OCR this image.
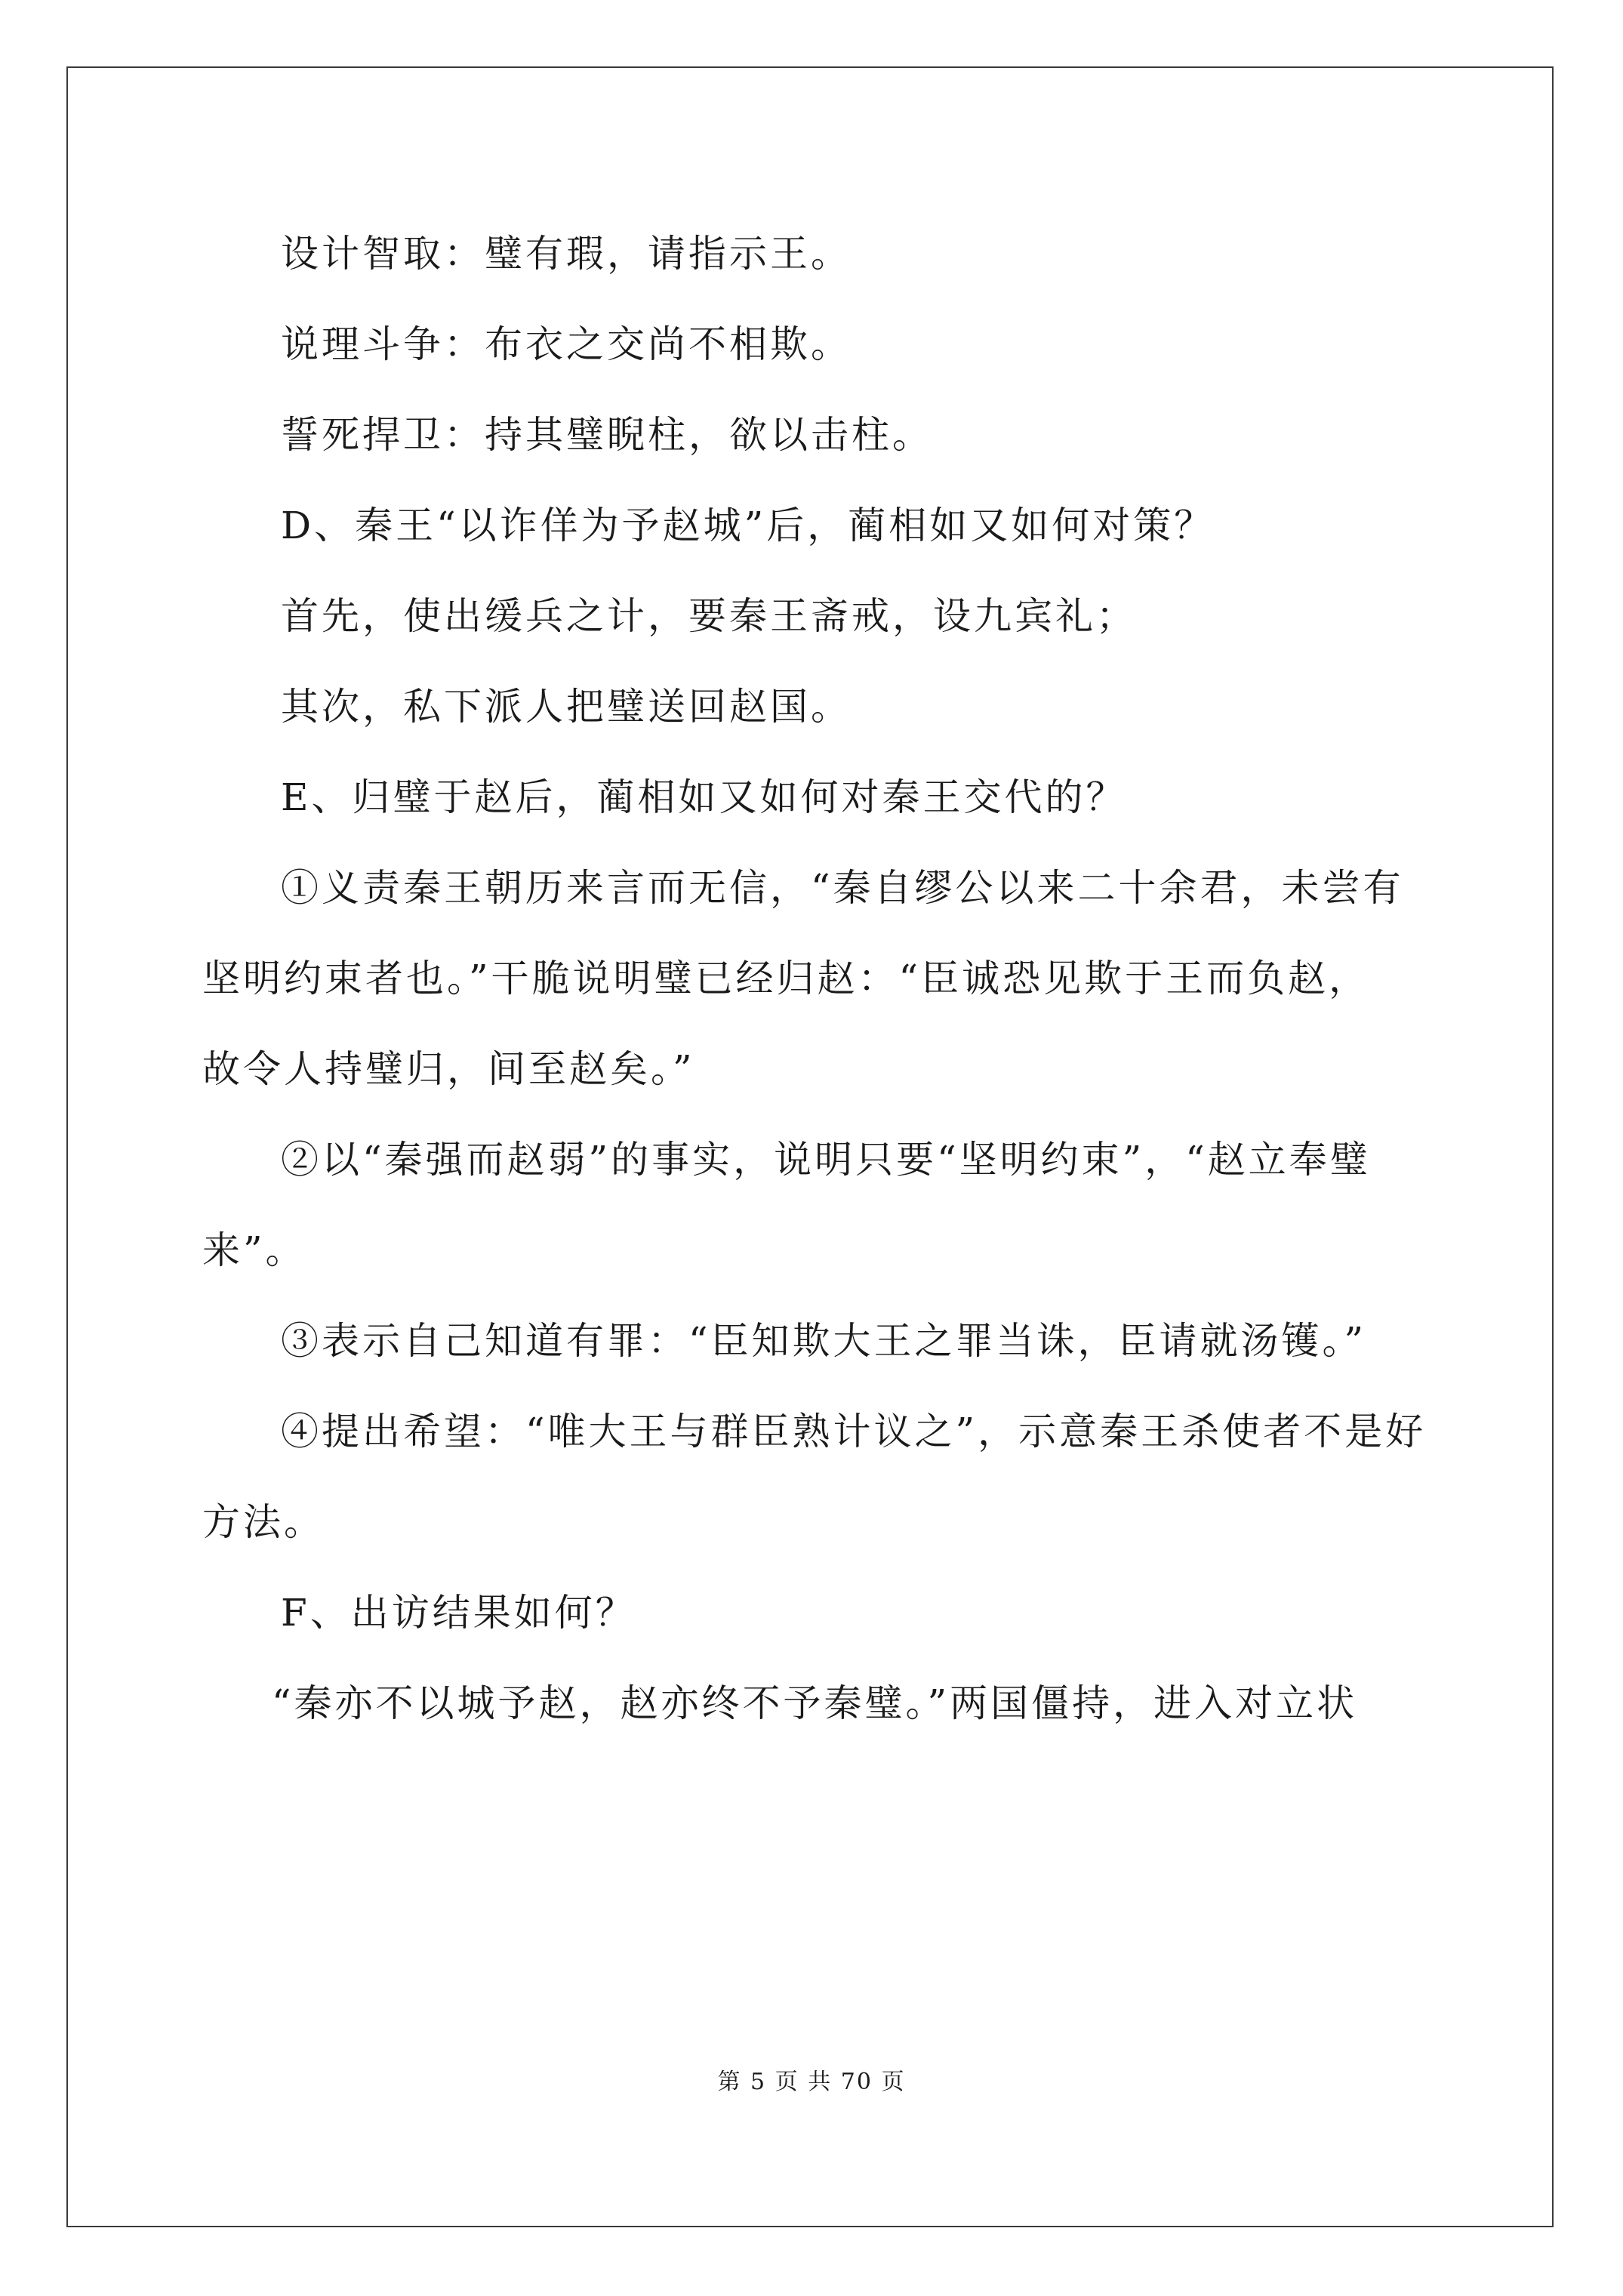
设计智取：璧有瑕，请指示王。
说理斗争：布衣之交尚不相欺。
誓死捍卫：持其璧睨柱，欲以击柱。
D、秦王“以诈佯为予赵城”后，蔺相如又如何对策？
首先，使出缓兵之计，要秦王斋戒，设九宾礼；
其次，私下派人把璧送回赵国。
E、归璧于赵后，蔺相如又如何对秦王交代的？
①义责秦王朝历来言而无信，“秦自缪公以来二十余君，未尝有
坚明约束者也。”干脆说明璧已经归赵：“臣诚恐见欺于王而负赵，
故令人持璧归，间至赵矣。”
②以“秦强而赵弱”的事实，说明只要“坚明约束”，“赵立奉璧
来”。
③表示自己知道有罪：“臣知欺大王之罪当诛，臣请就汤镬。”
④提出希望：“唯大王与群臣熟计议之”，示意秦王杀使者不是好
方法。
F、出访结果如何？
“秦亦不以城予赵，赵亦终不予秦璧。”两国僵持，进入对立状
第 5 页 共 70 页
